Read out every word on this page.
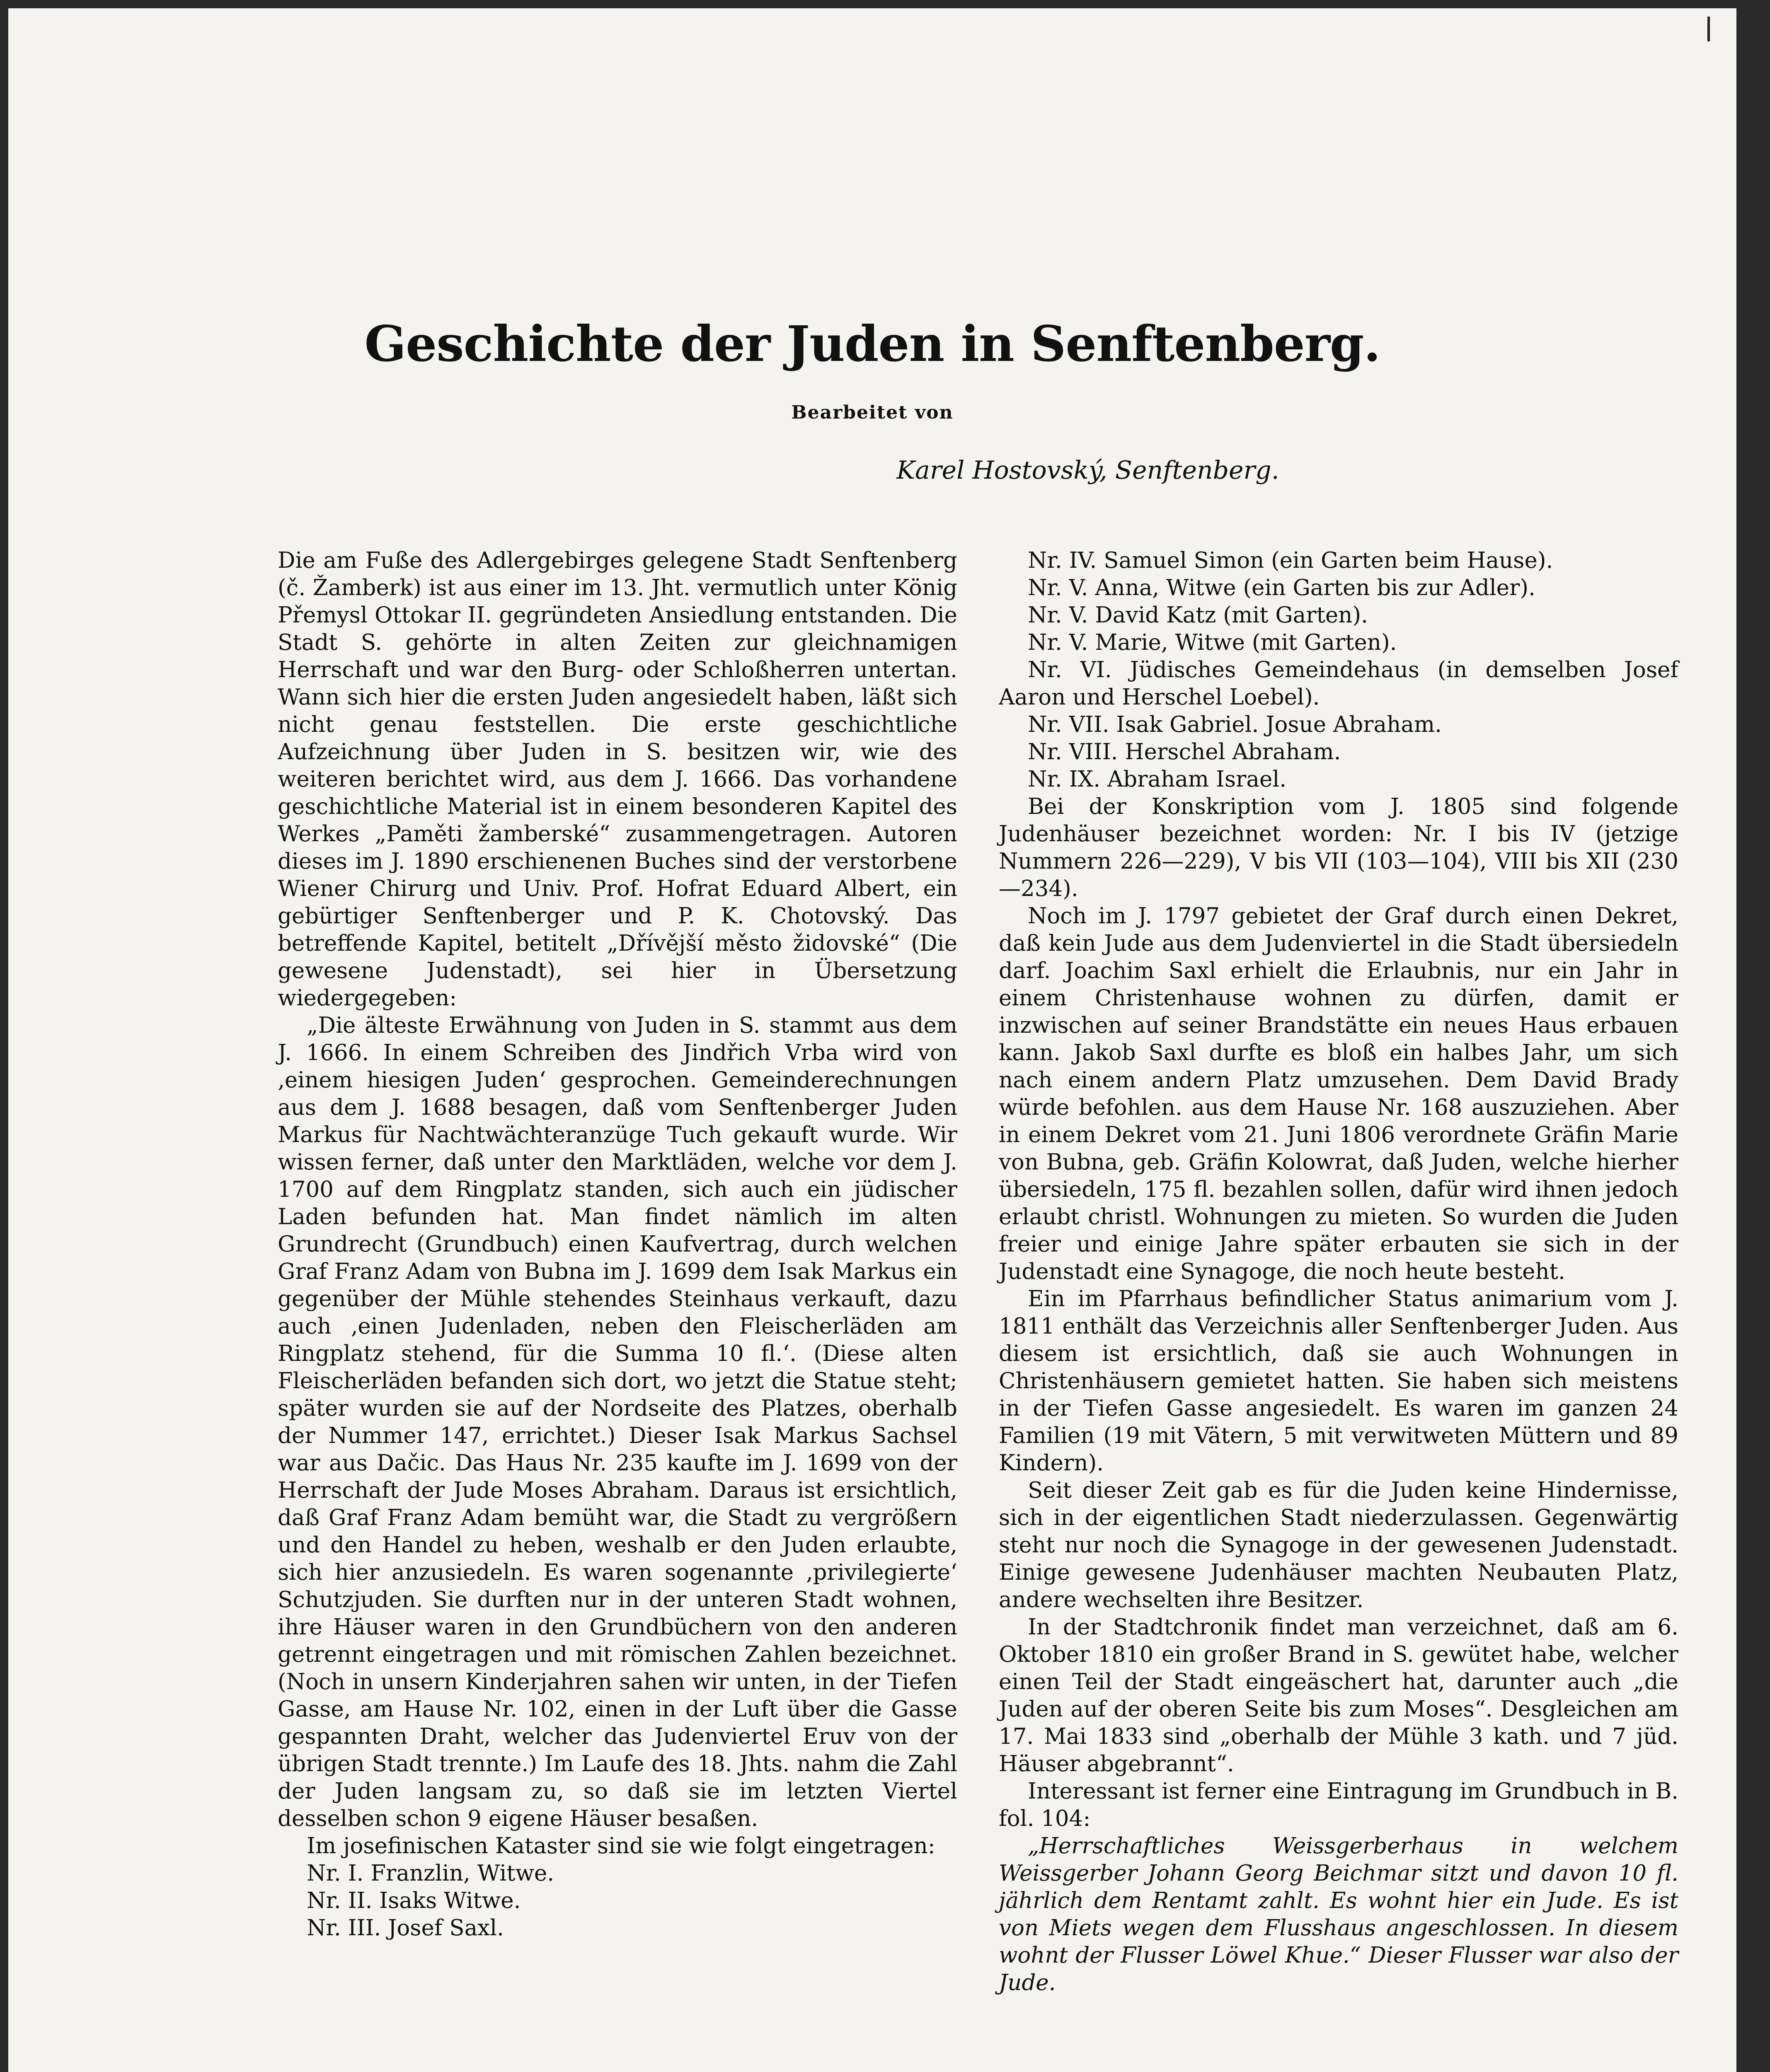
Geschichte der Juden in Senftenberg.
Bearbeitet von
Karel Hostovský, Senftenberg.

Die am Fuße des Adlergebirges gelegene Stadt Senftenberg (č. Žamberk) ist aus einer im 13. Jht. vermutlich unter König Přemysl Ottokar II. gegründeten Ansiedlung entstanden. Die Stadt S. gehörte in alten Zeiten zur gleichnamigen Herrschaft und war den Burg- oder Schloßherren untertan. Wann sich hier die ersten Juden angesiedelt haben, läßt sich nicht genau feststellen. Die erste geschichtliche Aufzeichnung über Juden in S. besitzen wir, wie des weiteren berichtet wird, aus dem J. 1666. Das vorhandene geschichtliche Material ist in einem besonderen Kapitel des Werkes „Paměti žamberské“ zusammengetragen. Autoren dieses im J. 1890 erschienenen Buches sind der verstorbene Wiener Chirurg und Univ. Prof. Hofrat Eduard Albert, ein gebürtiger Senftenberger und P. K. Chotovský. Das betreffende Kapitel, betitelt „Dřívější město židovské“ (Die gewesene Judenstadt), sei hier in Übersetzung wiedergegeben:

„Die älteste Erwähnung von Juden in S. stammt aus dem J. 1666. In einem Schreiben des Jindřich Vrba wird von ‚einem hiesigen Juden‘ gesprochen. Gemeinderechnungen aus dem J. 1688 besagen, daß vom Senftenberger Juden Markus für Nachtwächteranzüge Tuch gekauft wurde. Wir wissen ferner, daß unter den Marktläden, welche vor dem J. 1700 auf dem Ringplatz standen, sich auch ein jüdischer Laden befunden hat. Man findet nämlich im alten Grundrecht (Grundbuch) einen Kaufvertrag, durch welchen Graf Franz Adam von Bubna im J. 1699 dem Isak Markus ein gegenüber der Mühle stehendes Steinhaus verkauft, dazu auch ‚einen Judenladen, neben den Fleischerläden am Ringplatz stehend, für die Summa 10 fl.‘. (Diese alten Fleischerläden befanden sich dort, wo jetzt die Statue steht; später wurden sie auf der Nordseite des Platzes, oberhalb der Nummer 147, errichtet.) Dieser Isak Markus Sachsel war aus Dačic. Das Haus Nr. 235 kaufte im J. 1699 von der Herrschaft der Jude Moses Abraham. Daraus ist ersichtlich, daß Graf Franz Adam bemüht war, die Stadt zu vergrößern und den Handel zu heben, weshalb er den Juden erlaubte, sich hier anzusiedeln. Es waren sogenannte ‚privilegierte‘ Schutzjuden. Sie durften nur in der unteren Stadt wohnen, ihre Häuser waren in den Grundbüchern von den anderen getrennt eingetragen und mit römischen Zahlen bezeichnet. (Noch in unsern Kinderjahren sahen wir unten, in der Tiefen Gasse, am Hause Nr. 102, einen in der Luft über die Gasse gespannten Draht, welcher das Judenviertel Eruv von der übrigen Stadt trennte.) Im Laufe des 18. Jhts. nahm die Zahl der Juden langsam zu, so daß sie im letzten Viertel desselben schon 9 eigene Häuser besaßen.

Im josefinischen Kataster sind sie wie folgt eingetragen:

Nr. I. Franzlin, Witwe.

Nr. II. Isaks Witwe.

Nr. III. Josef Saxl.

Nr. IV. Samuel Simon (ein Garten beim Hause).

Nr. V. Anna, Witwe (ein Garten bis zur Adler).

Nr. V. David Katz (mit Garten).

Nr. V. Marie, Witwe (mit Garten).

Nr. VI. Jüdisches Gemeindehaus (in demselben Josef Aaron und Herschel Loebel).

Nr. VII. Isak Gabriel. Josue Abraham.

Nr. VIII. Herschel Abraham.

Nr. IX. Abraham Israel.

Bei der Konskription vom J. 1805 sind folgende Judenhäuser bezeichnet worden: Nr. I bis IV (jetzige Nummern 226—229), V bis VII (103—104), VIII bis XII (230—234).

Noch im J. 1797 gebietet der Graf durch einen Dekret, daß kein Jude aus dem Judenviertel in die Stadt übersiedeln darf. Joachim Saxl erhielt die Erlaubnis, nur ein Jahr in einem Christenhause wohnen zu dürfen, damit er inzwischen auf seiner Brandstätte ein neues Haus erbauen kann. Jakob Saxl durfte es bloß ein halbes Jahr, um sich nach einem andern Platz umzusehen. Dem David Brady würde befohlen. aus dem Hause Nr. 168 auszuziehen. Aber in einem Dekret vom 21. Juni 1806 verordnete Gräfin Marie von Bubna, geb. Gräfin Kolowrat, daß Juden, welche hierher übersiedeln, 175 fl. bezahlen sollen, dafür wird ihnen jedoch erlaubt christl. Wohnungen zu mieten. So wurden die Juden freier und einige Jahre später erbauten sie sich in der Judenstadt eine Synagoge, die noch heute besteht.

Ein im Pfarrhaus befindlicher Status animarium vom J. 1811 enthält das Verzeichnis aller Senftenberger Juden. Aus diesem ist ersichtlich, daß sie auch Wohnungen in Christenhäusern gemietet hatten. Sie haben sich meistens in der Tiefen Gasse angesiedelt. Es waren im ganzen 24 Familien (19 mit Vätern, 5 mit verwitweten Müttern und 89 Kindern).

Seit dieser Zeit gab es für die Juden keine Hindernisse, sich in der eigentlichen Stadt niederzulassen. Gegenwärtig steht nur noch die Synagoge in der gewesenen Judenstadt. Einige gewesene Judenhäuser machten Neubauten Platz, andere wechselten ihre Besitzer.

In der Stadtchronik findet man verzeichnet, daß am 6. Oktober 1810 ein großer Brand in S. gewütet habe, welcher einen Teil der Stadt eingeäschert hat, darunter auch „die Juden auf der oberen Seite bis zum Moses“. Desgleichen am 17. Mai 1833 sind „oberhalb der Mühle 3 kath. und 7 jüd. Häuser abgebrannt“.

Interessant ist ferner eine Eintragung im Grundbuch in B. fol. 104:

„Herrschaftliches Weissgerberhaus in welchem Weissgerber Johann Georg Beichmar sitzt und davon 10 fl. jährlich dem Rentamt zahlt. Es wohnt hier ein Jude. Es ist von Miets wegen dem Flusshaus angeschlossen. In diesem wohnt der Flusser Löwel Khue.“ Dieser Flusser war also der Jude.
